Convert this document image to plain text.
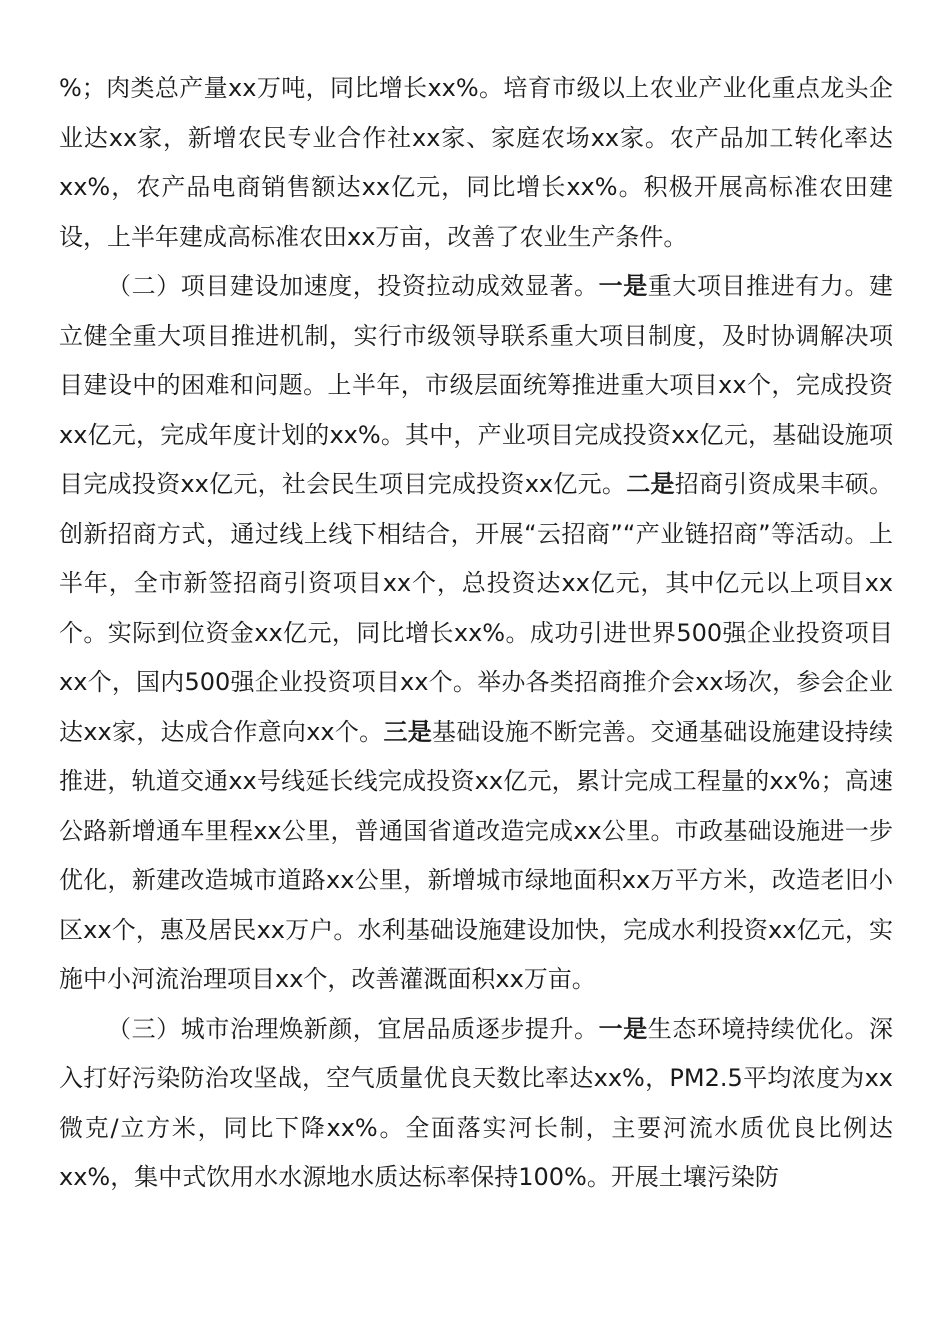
%；肉类总产量xx万吨，同比增长xx%。培育市级以上农业产业化重点龙头企业达xx家，新增农民专业合作社xx家、家庭农场xx家。农产品加工转化率达xx%，农产品电商销售额达xx亿元，同比增长xx%。积极开展高标准农田建设，上半年建成高标准农田xx万亩，改善了农业生产条件。

（二）项目建设加速度，投资拉动成效显著。一是重大项目推进有力。建立健全重大项目推进机制，实行市级领导联系重大项目制度，及时协调解决项目建设中的困难和问题。上半年，市级层面统筹推进重大项目xx个，完成投资xx亿元，完成年度计划的xx%。其中，产业项目完成投资xx亿元，基础设施项目完成投资xx亿元，社会民生项目完成投资xx亿元。二是招商引资成果丰硕。创新招商方式，通过线上线下相结合，开展“云招商”“产业链招商”等活动。上半年，全市新签招商引资项目xx个，总投资达xx亿元，其中亿元以上项目xx个。实际到位资金xx亿元，同比增长xx%。成功引进世界500强企业投资项目xx个，国内500强企业投资项目xx个。举办各类招商推介会xx场次，参会企业达xx家，达成合作意向xx个。三是基础设施不断完善。交通基础设施建设持续推进，轨道交通xx号线延长线完成投资xx亿元，累计完成工程量的xx%；高速公路新增通车里程xx公里，普通国省道改造完成xx公里。市政基础设施进一步优化，新建改造城市道路xx公里，新增城市绿地面积xx万平方米，改造老旧小区xx个，惠及居民xx万户。水利基础设施建设加快，完成水利投资xx亿元，实施中小河流治理项目xx个，改善灌溉面积xx万亩。

（三）城市治理焕新颜，宜居品质逐步提升。一是生态环境持续优化。深入打好污染防治攻坚战，空气质量优良天数比率达xx%，PM2.5平均浓度为xx微克/立方米，同比下降xx%。全面落实河长制，主要河流水质优良比例达xx%，集中式饮用水水源地水质达标率保持100%。开展土壤污染防
